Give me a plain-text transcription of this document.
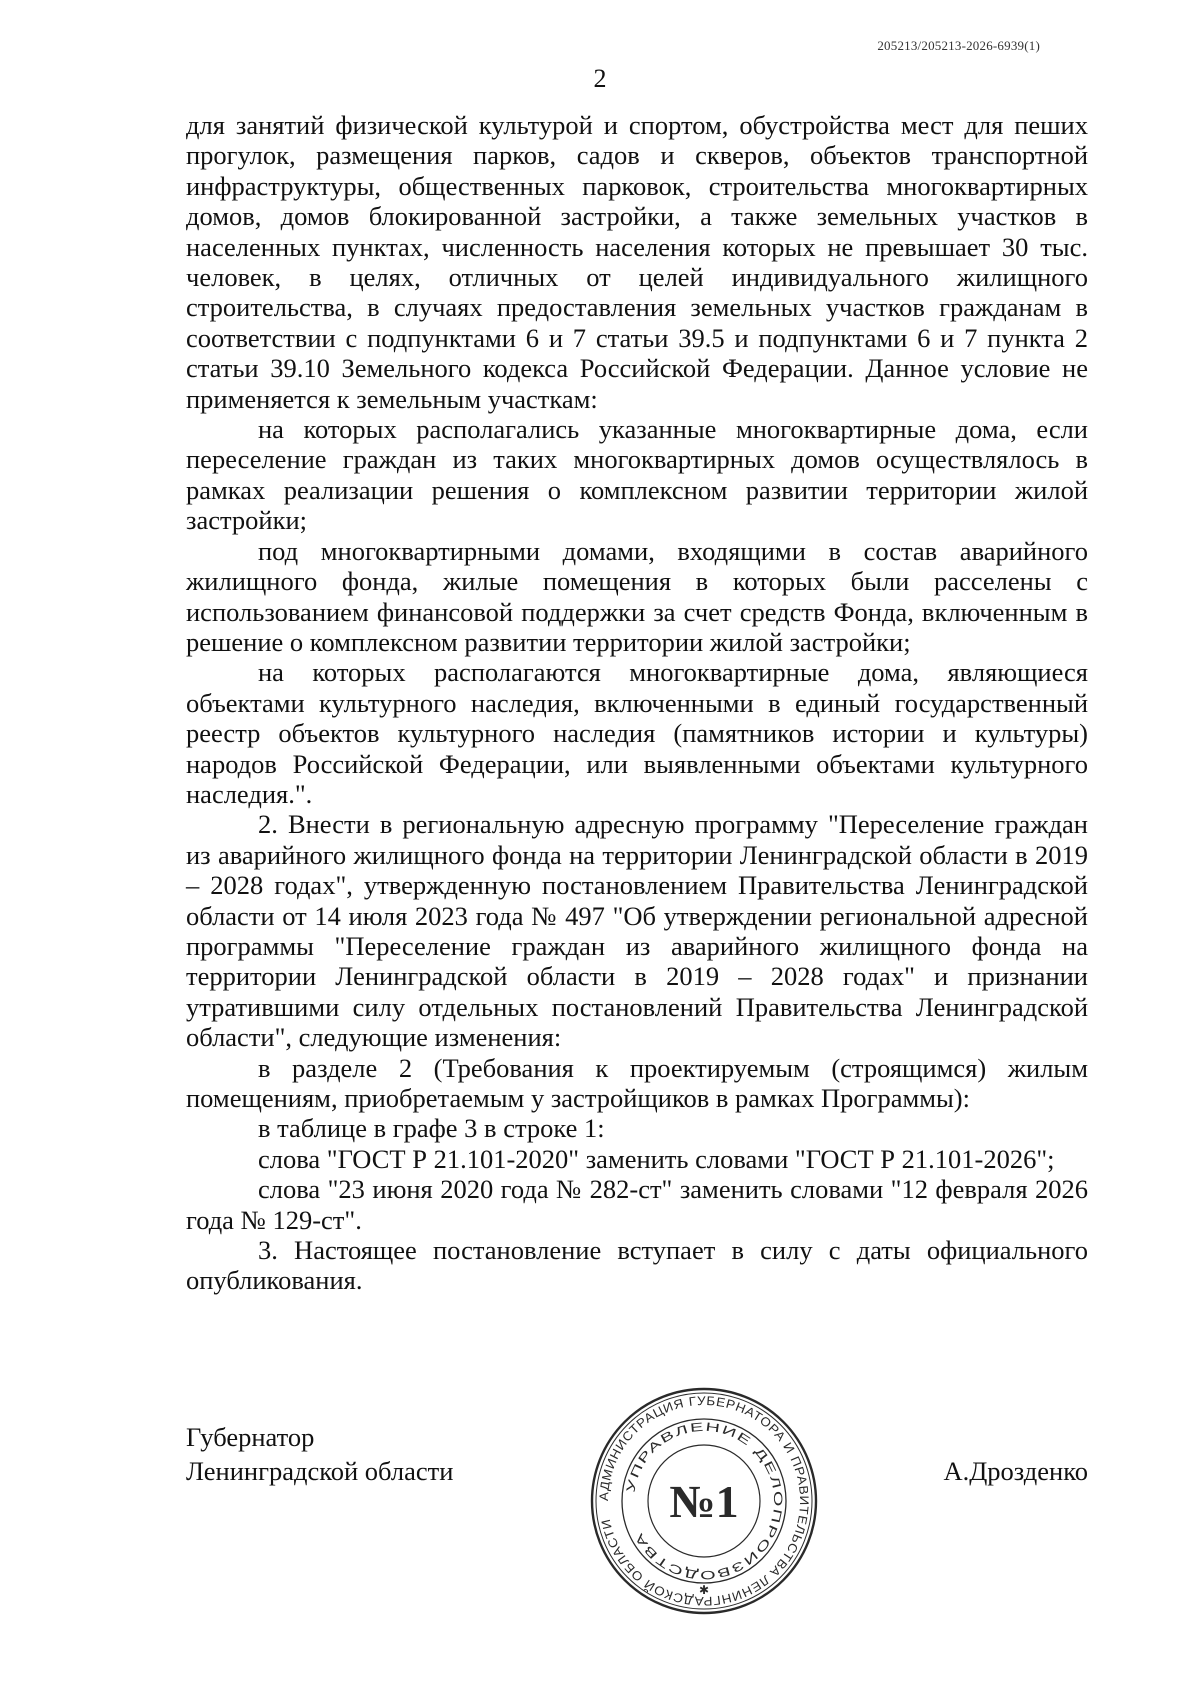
205213/205213-2026-6939(1)
2

для занятий физической культурой и спортом, обустройства мест для пеших прогулок, размещения парков, садов и скверов, объектов транспортной инфраструктуры, общественных парковок, строительства многоквартирных домов, домов блокированной застройки, а также земельных участков в населенных пунктах, численность населения которых не превышает 30 тыс. человек, в целях, отличных от целей индивидуального жилищного строительства, в случаях предоставления земельных участков гражданам в соответствии с подпунктами 6 и 7 статьи 39.5 и подпунктами 6 и 7 пункта 2 статьи 39.10 Земельного кодекса Российской Федерации. Данное условие не применяется к земельным участкам:

на которых располагались указанные многоквартирные дома, если переселение граждан из таких многоквартирных домов осуществлялось в рамках реализации решения о комплексном развитии территории жилой застройки;

под многоквартирными домами, входящими в состав аварийного жилищного фонда, жилые помещения в которых были расселены с использованием финансовой поддержки за счет средств Фонда, включенным в решение о комплексном развитии территории жилой застройки;

на которых располагаются многоквартирные дома, являющиеся объектами культурного наследия, включенными в единый государственный реестр объектов культурного наследия (памятников истории и культуры) народов Российской Федерации, или выявленными объектами культурного наследия.".

2. Внести в региональную адресную программу "Переселение граждан из аварийного жилищного фонда на территории Ленинградской области в 2019 – 2028 годах", утвержденную постановлением Правительства Ленинградской области от 14 июля 2023 года № 497 "Об утверждении региональной адресной программы "Переселение граждан из аварийного жилищного фонда на территории Ленинградской области в 2019 – 2028 годах" и признании утратившими силу отдельных постановлений Правительства Ленинградской области", следующие изменения:

в разделе 2 (Требования к проектируемым (строящимся) жилым помещениям, приобретаемым у застройщиков в рамках Программы):

в таблице в графе 3 в строке 1:

слова "ГОСТ Р 21.101-2020" заменить словами "ГОСТ Р 21.101-2026";

слова "23 июня 2020 года № 282-ст" заменить словами "12 февраля 2026 года № 129-ст".

3. Настоящее постановление вступает в силу с даты официального опубликования.

Губернатор
Ленинградской области
АДМИНИСТРАЦИЯ ГУБЕРНАТОРА И ПРАВИТЕЛЬСТВА ЛЕНИНГРАДСКОЙ ОБЛАСТИ
УПРАВЛЕНИЕ ДЕЛОПРОИЗВОДСТВА
№1
✱
А.Дрозденко
